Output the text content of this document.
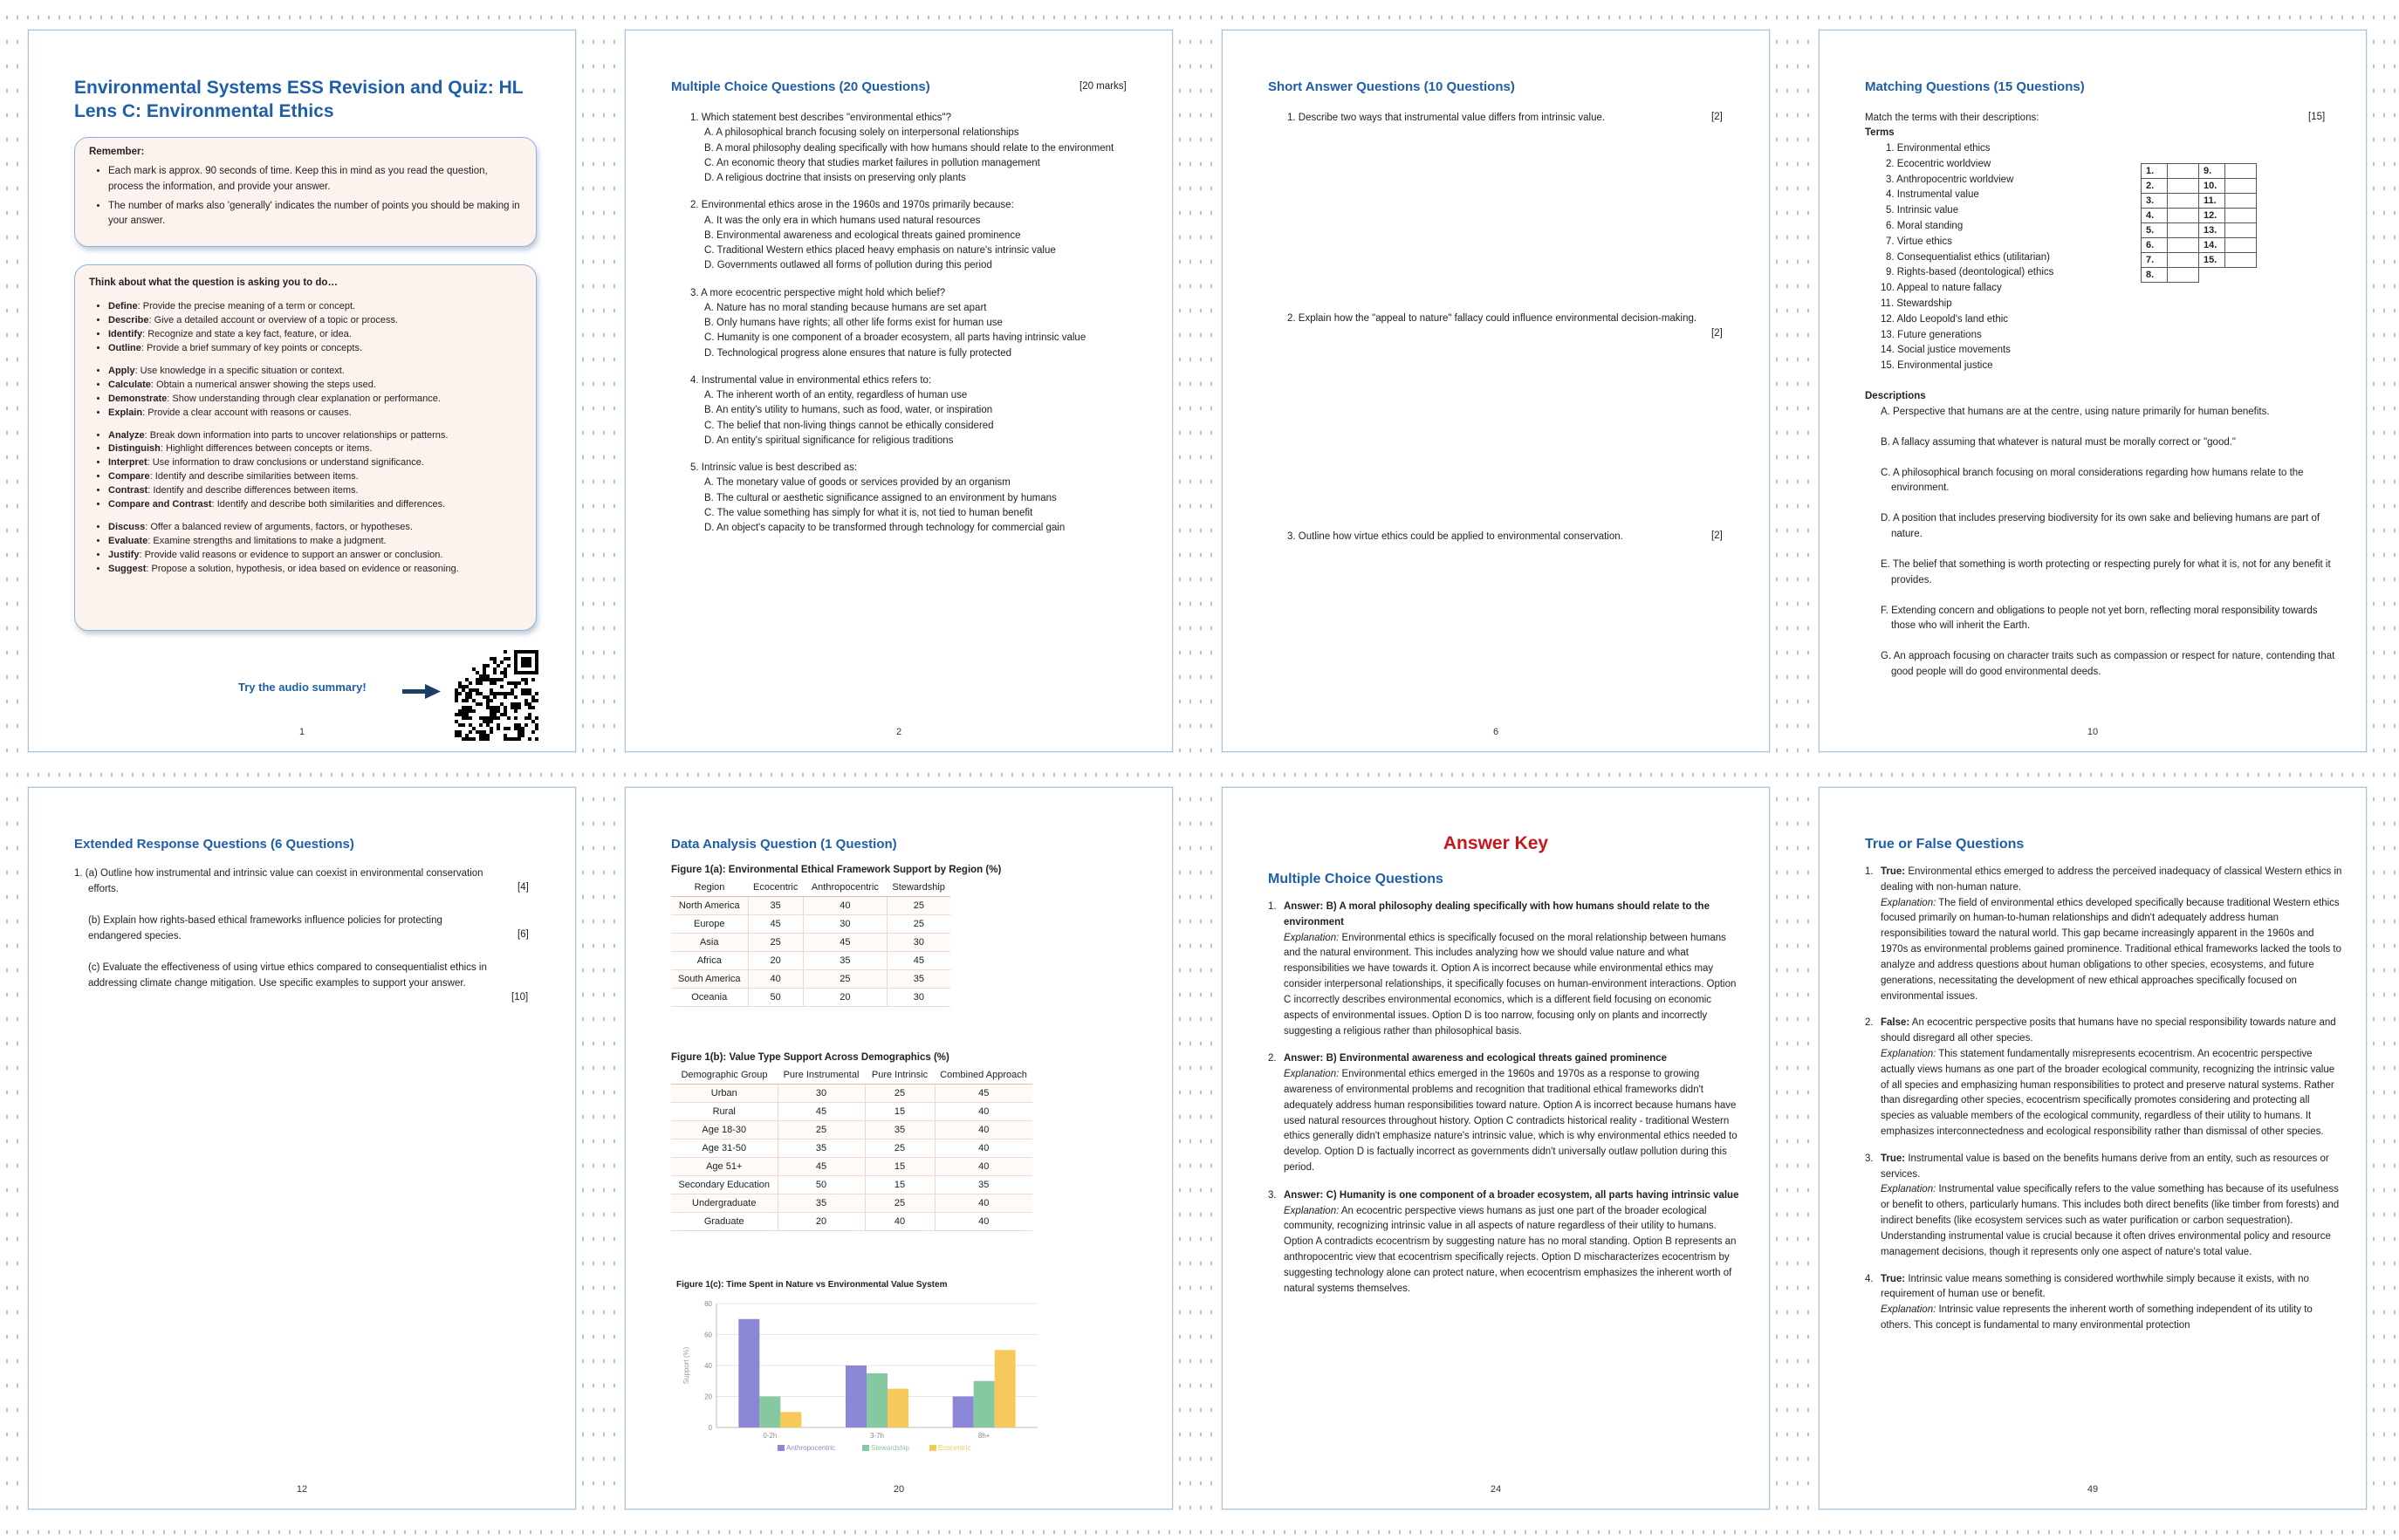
Environmental Systems ESS Revision and Quiz: HL Lens C: Environmental Ethics
Remember:
• Each mark is approx. 90 seconds of time. Keep this in mind as you read the question, process the information, and provide your answer.
• The number of marks also 'generally' indicates the number of points you should be making in your answer.
Think about what the question is asking you to do…
• Define: Provide the precise meaning of a term or concept.
• Describe: Give a detailed account or overview of a topic or process.
• Identify: Recognize and state a key fact, feature, or idea.
• Outline: Provide a brief summary of key points or concepts.
• Apply: Use knowledge in a specific situation or context.
• Calculate: Obtain a numerical answer showing the steps used.
• Demonstrate: Show understanding through clear explanation or performance.
• Explain: Provide a clear account with reasons or causes.
• Analyze: Break down information into parts to uncover relationships or patterns.
• Distinguish: Highlight differences between concepts or items.
• Interpret: Use information to draw conclusions or understand significance.
• Compare: Identify and describe similarities between items.
• Contrast: Identify and describe differences between items.
• Compare and Contrast: Identify and describe both similarities and differences.
• Discuss: Offer a balanced review of arguments, factors, or hypotheses.
• Evaluate: Examine strengths and limitations to make a judgment.
• Justify: Provide valid reasons or evidence to support an answer or conclusion.
• Suggest: Propose a solution, hypothesis, or idea based on evidence or reasoning.
Try the audio summary!
1
Multiple Choice Questions (20 Questions)	[20 marks]
1. Which statement best describes "environmental ethics"?
A. A philosophical branch focusing solely on interpersonal relationships
B. A moral philosophy dealing specifically with how humans should relate to the environment
C. An economic theory that studies market failures in pollution management
D. A religious doctrine that insists on preserving only plants
2. Environmental ethics arose in the 1960s and 1970s primarily because:
A. It was the only era in which humans used natural resources
B. Environmental awareness and ecological threats gained prominence
C. Traditional Western ethics placed heavy emphasis on nature's intrinsic value
D. Governments outlawed all forms of pollution during this period
3. A more ecocentric perspective might hold which belief?
A. Nature has no moral standing because humans are set apart
B. Only humans have rights; all other life forms exist for human use
C. Humanity is one component of a broader ecosystem, all parts having intrinsic value
D. Technological progress alone ensures that nature is fully protected
4. Instrumental value in environmental ethics refers to:
A. The inherent worth of an entity, regardless of human use
B. An entity's utility to humans, such as food, water, or inspiration
C. The belief that non-living things cannot be ethically considered
D. An entity's spiritual significance for religious traditions
5. Intrinsic value is best described as:
A. The monetary value of goods or services provided by an organism
B. The cultural or aesthetic significance assigned to an environment by humans
C. The value something has simply for what it is, not tied to human benefit
D. An object's capacity to be transformed through technology for commercial gain
2
Short Answer Questions (10 Questions)
1. Describe two ways that instrumental value differs from intrinsic value.	[2]
2. Explain how the "appeal to nature" fallacy could influence environmental decision-making.
[2]
3. Outline how virtue ethics could be applied to environmental conservation.	[2]
6
Matching Questions (15 Questions)
Match the terms with their descriptions:	[15]
Terms
1. Environmental ethics
2. Ecocentric worldview
3. Anthropocentric worldview
4. Instrumental value
5. Intrinsic value
6. Moral standing
7. Virtue ethics
8. Consequentialist ethics (utilitarian)
9. Rights-based (deontological) ethics
10. Appeal to nature fallacy
11. Stewardship
12. Aldo Leopold's land ethic
13. Future generations
14. Social justice movements
15. Environmental justice
1.		9.	
2.		10.	
3.		11.	
4.		12.	
5.		13.	
6.		14.	
7.		15.	
8.			
Descriptions
A. Perspective that humans are at the centre, using nature primarily for human benefits.
B. A fallacy assuming that whatever is natural must be morally correct or "good."
C. A philosophical branch focusing on moral considerations regarding how humans relate to the environment.
D. A position that includes preserving biodiversity for its own sake and believing humans are part of nature.
E. The belief that something is worth protecting or respecting purely for what it is, not for any benefit it provides.
F. Extending concern and obligations to people not yet born, reflecting moral responsibility towards those who will inherit the Earth.
G. An approach focusing on character traits such as compassion or respect for nature, contending that good people will do good environmental deeds.
10
Extended Response Questions (6 Questions)
1. (a) Outline how instrumental and intrinsic value can coexist in environmental conservation efforts.	[4]
(b) Explain how rights-based ethical frameworks influence policies for protecting endangered species.	[6]
(c) Evaluate the effectiveness of using virtue ethics compared to consequentialist ethics in addressing climate change mitigation. Use specific examples to support your answer.
[10]
12
Data Analysis Question (1 Question)
Figure 1(a): Environmental Ethical Framework Support by Region (%)
Region	Ecocentric	Anthropocentric	Stewardship
North America	35	40	25
Europe	45	30	25
Asia	25	45	30
Africa	20	35	45
South America	40	25	35
Oceania	50	20	30
Figure 1(b): Value Type Support Across Demographics (%)
Demographic Group	Pure Instrumental	Pure Intrinsic	Combined Approach
Urban	30	25	45
Rural	45	15	40
Age 18-30	25	35	40
Age 31-50	35	25	40
Age 51+	45	15	40
Secondary Education	50	15	35
Undergraduate	35	25	40
Graduate	20	40	40
Figure 1(c): Time Spent in Nature vs Environmental Value System
0
20
40
60
80
Support (%)
0-2h	3-7h	8h+
Anthropocentric	Stewardship	Ecocentric
20
Answer Key
Multiple Choice Questions
1. Answer: B) A moral philosophy dealing specifically with how humans should relate to the environment
Explanation: Environmental ethics is specifically focused on the moral relationship between humans and the natural environment. This includes analyzing how we should value nature and what responsibilities we have towards it. Option A is incorrect because while environmental ethics may consider interpersonal relationships, it specifically focuses on human-environment interactions. Option C incorrectly describes environmental economics, which is a different field focusing on economic aspects of environmental issues. Option D is too narrow, focusing only on plants and incorrectly suggesting a religious rather than philosophical basis.
2. Answer: B) Environmental awareness and ecological threats gained prominence
Explanation: Environmental ethics emerged in the 1960s and 1970s as a response to growing awareness of environmental problems and recognition that traditional ethical frameworks didn't adequately address human responsibilities toward nature. Option A is incorrect because humans have used natural resources throughout history. Option C contradicts historical reality - traditional Western ethics generally didn't emphasize nature's intrinsic value, which is why environmental ethics needed to develop. Option D is factually incorrect as governments didn't universally outlaw pollution during this period.
3. Answer: C) Humanity is one component of a broader ecosystem, all parts having intrinsic value
Explanation: An ecocentric perspective views humans as just one part of the broader ecological community, recognizing intrinsic value in all aspects of nature regardless of their utility to humans. Option A contradicts ecocentrism by suggesting nature has no moral standing. Option B represents an anthropocentric view that ecocentrism specifically rejects. Option D mischaracterizes ecocentrism by suggesting technology alone can protect nature, when ecocentrism emphasizes the inherent worth of natural systems themselves.
24
True or False Questions
1. True: Environmental ethics emerged to address the perceived inadequacy of classical Western ethics in dealing with non-human nature.
Explanation: The field of environmental ethics developed specifically because traditional Western ethics focused primarily on human-to-human relationships and didn't adequately address human responsibilities toward the natural world. This gap became increasingly apparent in the 1960s and 1970s as environmental problems gained prominence. Traditional ethical frameworks lacked the tools to analyze and address questions about human obligations to other species, ecosystems, and future generations, necessitating the development of new ethical approaches specifically focused on environmental issues.
2. False: An ecocentric perspective posits that humans have no special responsibility towards nature and should disregard all other species.
Explanation: This statement fundamentally misrepresents ecocentrism. An ecocentric perspective actually views humans as one part of the broader ecological community, recognizing the intrinsic value of all species and emphasizing human responsibilities to protect and preserve natural systems. Rather than disregarding other species, ecocentrism specifically promotes considering and protecting all species as valuable members of the ecological community, regardless of their utility to humans. It emphasizes interconnectedness and ecological responsibility rather than dismissal of other species.
3. True: Instrumental value is based on the benefits humans derive from an entity, such as resources or services.
Explanation: Instrumental value specifically refers to the value something has because of its usefulness or benefit to others, particularly humans. This includes both direct benefits (like timber from forests) and indirect benefits (like ecosystem services such as water purification or carbon sequestration). Understanding instrumental value is crucial because it often drives environmental policy and resource management decisions, though it represents only one aspect of nature's total value.
4. True: Intrinsic value means something is considered worthwhile simply because it exists, with no requirement of human use or benefit.
Explanation: Intrinsic value represents the inherent worth of something independent of its utility to others. This concept is fundamental to many environmental protection
49
